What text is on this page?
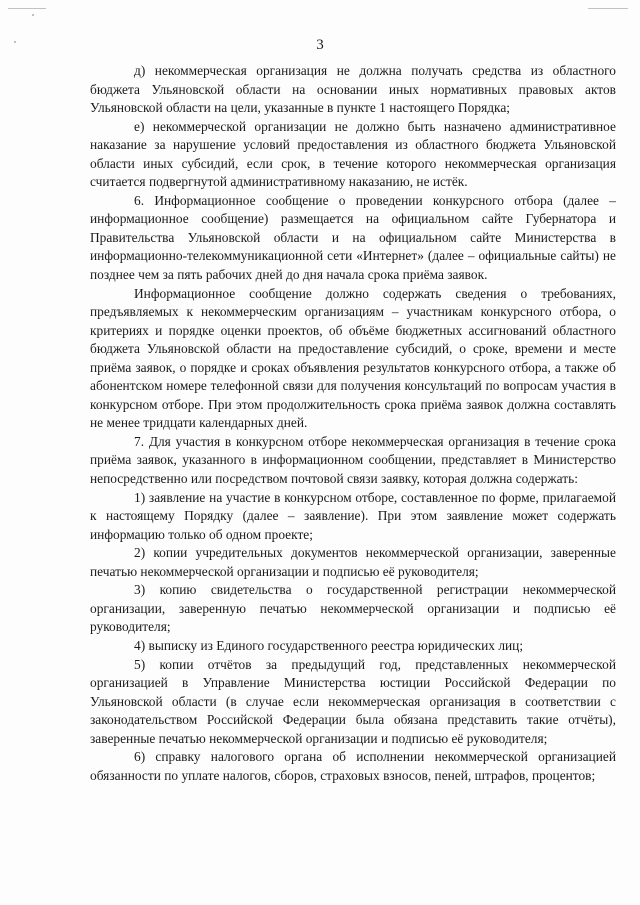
3

д) некоммерческая организация не должна получать средства из областного бюджета Ульяновской области на основании иных нормативных правовых актов Ульяновской области на цели, указанные в пункте 1 настоящего Порядка;

е) некоммерческой организации не должно быть назначено административное наказание за нарушение условий предоставления из областного бюджета Ульяновской области иных субсидий, если срок, в течение которого некоммерческая организация считается подвергнутой административному наказанию, не истёк.

6. Информационное сообщение о проведении конкурсного отбора (далее – информационное сообщение) размещается на официальном сайте Губернатора и Правительства Ульяновской области и на официальном сайте Министерства в информационно-телекоммуникационной сети «Интернет» (далее – официальные сайты) не позднее чем за пять рабочих дней до дня начала срока приёма заявок.

Информационное сообщение должно содержать сведения о требованиях, предъявляемых к некоммерческим организациям – участникам конкурсного отбора, о критериях и порядке оценки проектов, об объёме бюджетных ассигнований областного бюджета Ульяновской области на предоставление субсидий, о сроке, времени и месте приёма заявок, о порядке и сроках объявления результатов конкурсного отбора, а также об абонентском номере телефонной связи для получения консультаций по вопросам участия в конкурсном отборе. При этом продолжительность срока приёма заявок должна составлять не менее тридцати календарных дней.

7. Для участия в конкурсном отборе некоммерческая организация в течение срока приёма заявок, указанного в информационном сообщении, представляет в Министерство непосредственно или посредством почтовой связи заявку, которая должна содержать:

1) заявление на участие в конкурсном отборе, составленное по форме, прилагаемой к настоящему Порядку (далее – заявление). При этом заявление может содержать информацию только об одном проекте;

2) копии учредительных документов некоммерческой организации, заверенные печатью некоммерческой организации и подписью её руководителя;

3) копию свидетельства о государственной регистрации некоммерческой организации, заверенную печатью некоммерческой организации и подписью её руководителя;

4) выписку из Единого государственного реестра юридических лиц;

5) копии отчётов за предыдущий год, представленных некоммерческой организацией в Управление Министерства юстиции Российской Федерации по Ульяновской области (в случае если некоммерческая организация в соответствии с законодательством Российской Федерации была обязана представить такие отчёты), заверенные печатью некоммерческой организации и подписью её руководителя;

6) справку налогового органа об исполнении некоммерческой организацией обязанности по уплате налогов, сборов, страховых взносов, пеней, штрафов, процентов;
